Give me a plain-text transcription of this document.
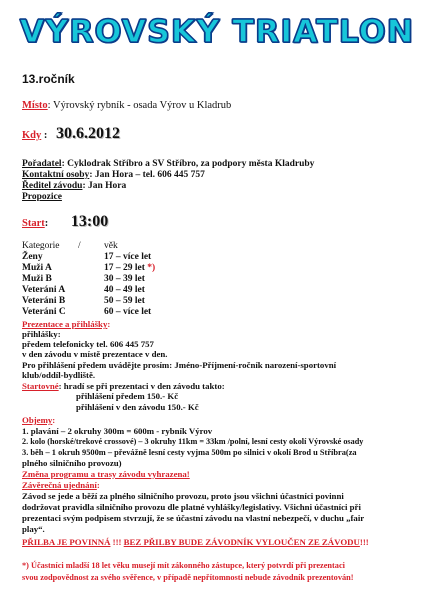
VÝROVSKÝ TRIATLON
13.ročník
Místo: Výrovský rybník - osada Výrov u Kladrub
Kdy : 30.6.2012
Pořadatel: Cyklodrak Stříbro a SV Stříbro, za podpory města Kladruby
Kontaktní osoby: Jan Hora – tel. 606 445 757
Ředitel závodu: Jan Hora
Propozice
Start: 13:00
Kategorie / věk
Ženy	17 – více let
Muži A	17 – 29 let *)
Muži B	30 – 39 let
Veteráni A	40 – 49 let
Veteráni B	50 – 59 let
Veteráni C	60 – více let
Prezentace a přihlášky:
přihlášky:
předem telefonicky tel. 606 445 757
v den závodu v místě prezentace v den.
Pro přihlášení předem uvádějte prosím: Jméno-Příjmení-ročník narození-sportovní
klub/oddíl-bydliště.
Startovné: hradí se při prezentaci v den závodu takto:
přihlášení předem 150.- Kč
přihlášení v den závodu 150.- Kč
Objemy:
1. plavání – 2 okruhy 300m = 600m - rybník Výrov
2. kolo (horské/trekové crossové) – 3 okruhy 11km = 33km /polní, lesní cesty okolí Výrovské osady
3. běh – 1 okruh 9500m – převážně lesní cesty vyjma 500m po silnici v okolí Brod u Stříbra(za
plného silničního provozu)
Změna programu a trasy závodu vyhrazena!
Závěrečná ujednání:
Závod se jede a běží za plného silničního provozu, proto jsou všichni účastníci povinni
dodržovat pravidla silničního provozu dle platné vyhlášky/legislativy. Všichni účastníci při
prezentaci svým podpisem stvrzují, že se účastní závodu na vlastní nebezpečí, v duchu „fair
play“.
PŘILBA JE POVINNÁ !!! BEZ PŘILBY BUDE ZÁVODNÍK VYLOUČEN ZE ZÁVODU!!!
*) Účastníci mladší 18 let věku musejí mít zákonného zástupce, který potvrdí při prezentaci
svou zodpovědnost za svého svěřence, v případě nepřítomnosti nebude závodník prezentován!
